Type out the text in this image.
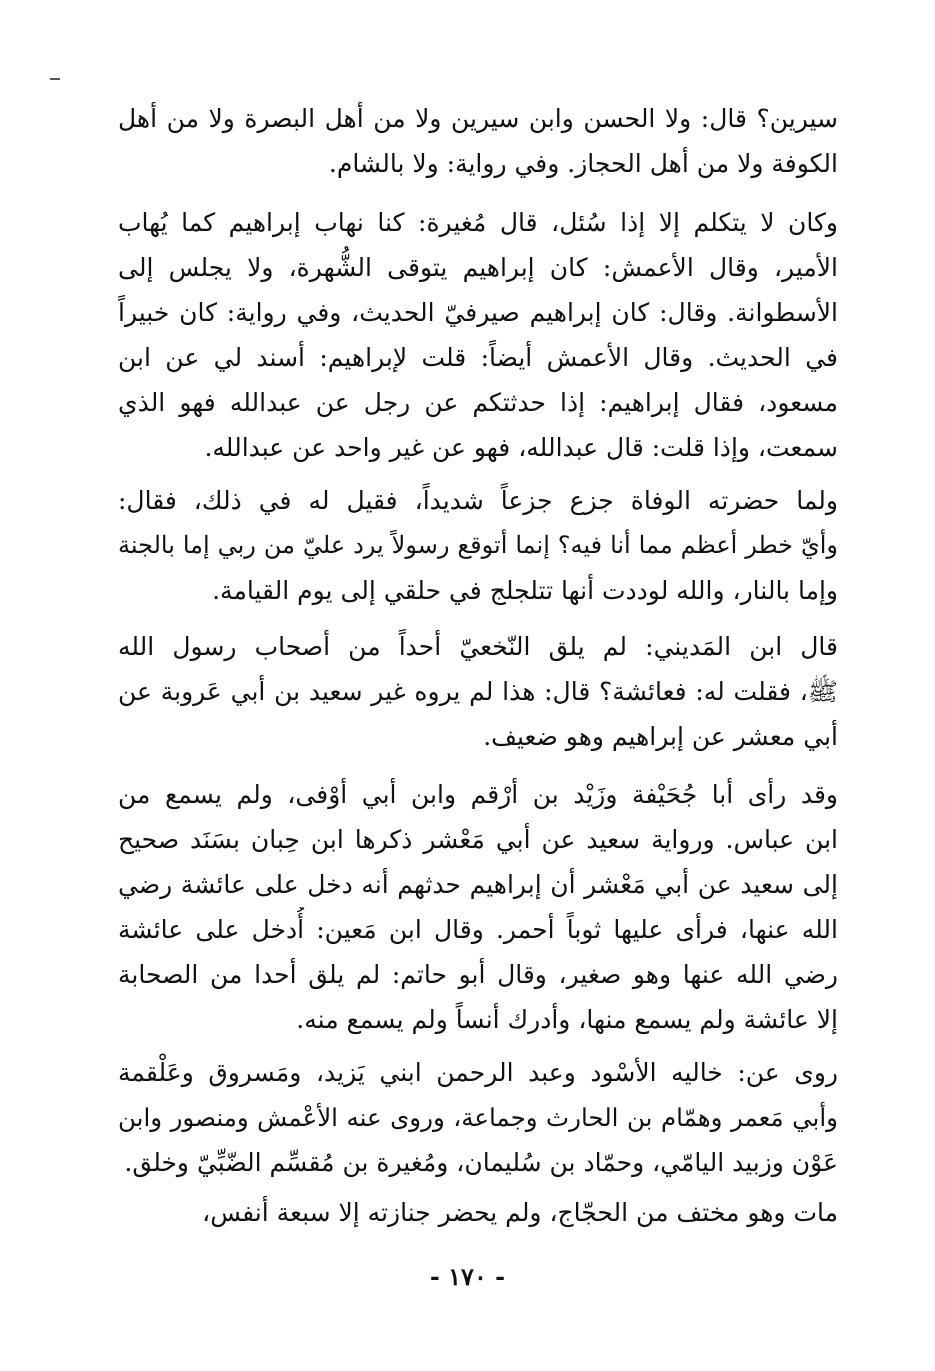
سيرين؟ قال: ولا الحسن وابن سيرين ولا من أهل البصرة ولا من أهل
الكوفة ولا من أهل الحجاز. وفي رواية: ولا بالشام.
وكان لا يتكلم إلا إذا سُئل، قال مُغيرة: كنا نهاب إبراهيم كما يُهاب
الأمير، وقال الأعمش: كان إبراهيم يتوقى الشُّهرة، ولا يجلس إلى
الأسطوانة. وقال: كان إبراهيم صيرفيّ الحديث، وفي رواية: كان خبيراً
في الحديث. وقال الأعمش أيضاً: قلت لإبراهيم: أسند لي عن ابن
مسعود، فقال إبراهيم: إذا حدثتكم عن رجل عن عبدالله فهو الذي
سمعت، وإذا قلت: قال عبدالله، فهو عن غير واحد عن عبدالله.
ولما حضرته الوفاة جزع جزعاً شديداً، فقيل له في ذلك، فقال:
وأيّ خطر أعظم مما أنا فيه؟ إنما أتوقع رسولاً يرد عليّ من ربي إما بالجنة
وإما بالنار، والله لوددت أنها تتلجلج في حلقي إلى يوم القيامة.
قال ابن المَديني: لم يلق النّخعيّ أحداً من أصحاب رسول الله
ﷺ، فقلت له: فعائشة؟ قال: هذا لم يروه غير سعيد بن أبي عَروبة عن
أبي معشر عن إبراهيم وهو ضعيف.
وقد رأى أبا جُحَيْفة وزَيْد بن أرْقم وابن أبي أوْفى، ولم يسمع من
ابن عباس. ورواية سعيد عن أبي مَعْشر ذكرها ابن حِبان بسَنَد صحيح
إلى سعيد عن أبي مَعْشر أن إبراهيم حدثهم أنه دخل على عائشة رضي
الله عنها، فرأى عليها ثوباً أحمر. وقال ابن مَعين: أُدخل على عائشة
رضي الله عنها وهو صغير، وقال أبو حاتم: لم يلق أحدا من الصحابة
إلا عائشة ولم يسمع منها، وأدرك أنساً ولم يسمع منه.
روى عن: خاليه الأسْود وعبد الرحمن ابني يَزيد، ومَسروق وعَلْقمة
وأبي مَعمر وهمّام بن الحارث وجماعة، وروى عنه الأعْمش ومنصور وابن
عَوْن وزبيد اليامّي، وحمّاد بن سُليمان، ومُغيرة بن مُقسِّم الضّبِّيّ وخلق.
مات وهو مختف من الحجّاج، ولم يحضر جنازته إلا سبعة أنفس،
- ١٧٠ -
